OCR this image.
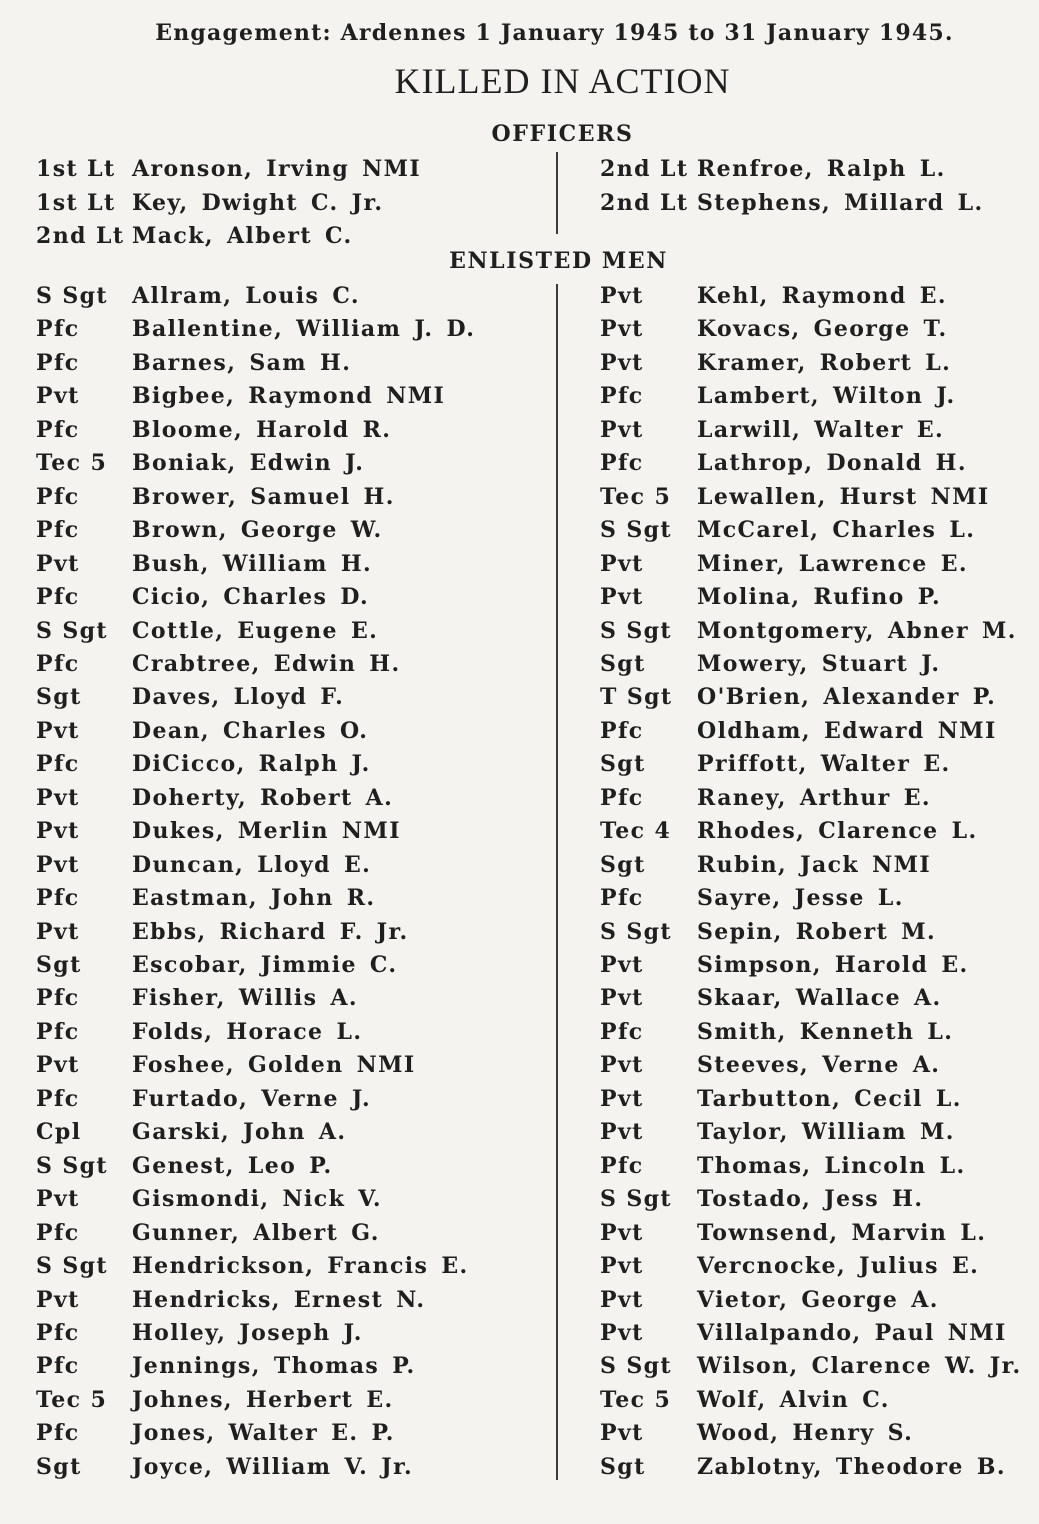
Engagement: Ardennes 1 January 1945 to 31 January 1945.
KILLED IN ACTION
OFFICERS
1st Lt Aronson, Irving NMI
1st Lt Key, Dwight C. Jr.
2nd Lt Mack, Albert C.
2nd Lt Renfroe, Ralph L.
2nd Lt Stephens, Millard L.
ENLISTED MEN
S Sgt Allram, Louis C.
Pfc Ballentine, William J. D.
Pfc Barnes, Sam H.
Pvt Bigbee, Raymond NMI
Pfc Bloome, Harold R.
Tec 5 Boniak, Edwin J.
Pfc Brower, Samuel H.
Pfc Brown, George W.
Pvt Bush, William H.
Pfc Cicio, Charles D.
S Sgt Cottle, Eugene E.
Pfc Crabtree, Edwin H.
Sgt Daves, Lloyd F.
Pvt Dean, Charles O.
Pfc DiCicco, Ralph J.
Pvt Doherty, Robert A.
Pvt Dukes, Merlin NMI
Pvt Duncan, Lloyd E.
Pfc Eastman, John R.
Pvt Ebbs, Richard F. Jr.
Sgt Escobar, Jimmie C.
Pfc Fisher, Willis A.
Pfc Folds, Horace L.
Pvt Foshee, Golden NMI
Pfc Furtado, Verne J.
Cpl Garski, John A.
S Sgt Genest, Leo P.
Pvt Gismondi, Nick V.
Pfc Gunner, Albert G.
S Sgt Hendrickson, Francis E.
Pvt Hendricks, Ernest N.
Pfc Holley, Joseph J.
Pfc Jennings, Thomas P.
Tec 5 Johnes, Herbert E.
Pfc Jones, Walter E. P.
Sgt Joyce, William V. Jr.
Pvt Kehl, Raymond E.
Pvt Kovacs, George T.
Pvt Kramer, Robert L.
Pfc Lambert, Wilton J.
Pvt Larwill, Walter E.
Pfc Lathrop, Donald H.
Tec 5 Lewallen, Hurst NMI
S Sgt McCarel, Charles L.
Pvt Miner, Lawrence E.
Pvt Molina, Rufino P.
S Sgt Montgomery, Abner M.
Sgt Mowery, Stuart J.
T Sgt O'Brien, Alexander P.
Pfc Oldham, Edward NMI
Sgt Priffott, Walter E.
Pfc Raney, Arthur E.
Tec 4 Rhodes, Clarence L.
Sgt Rubin, Jack NMI
Pfc Sayre, Jesse L.
S Sgt Sepin, Robert M.
Pvt Simpson, Harold E.
Pvt Skaar, Wallace A.
Pfc Smith, Kenneth L.
Pvt Steeves, Verne A.
Pvt Tarbutton, Cecil L.
Pvt Taylor, William M.
Pfc Thomas, Lincoln L.
S Sgt Tostado, Jess H.
Pvt Townsend, Marvin L.
Pvt Vercnocke, Julius E.
Pvt Vietor, George A.
Pvt Villalpando, Paul NMI
S Sgt Wilson, Clarence W. Jr.
Tec 5 Wolf, Alvin C.
Pvt Wood, Henry S.
Sgt Zablotny, Theodore B.
